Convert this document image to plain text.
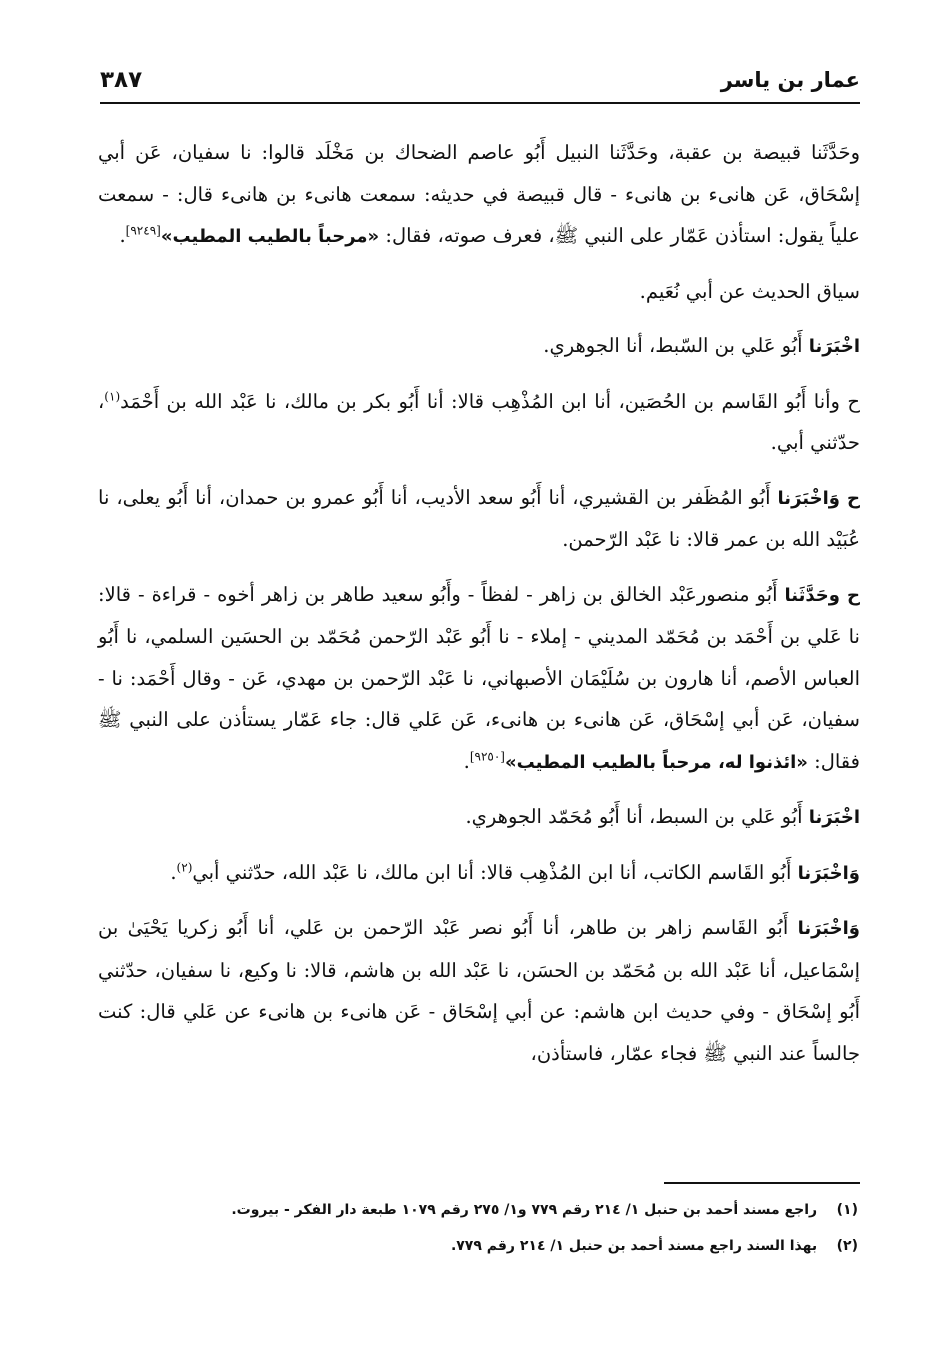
عمار بن ياسر
٣٨٧

وحَدَّثَنا قبيصة بن عقبة، وحَدَّثَنا النبيل أَبُو عاصم الضحاك بن مَخْلَد قالوا: نا سفيان، عَن أبي إسْحَاق، عَن هانىء بن هانىء - قال قبيصة في حديثه: سمعت هانىء بن هانىء قال: - سمعت علياً يقول: استأذن عَمّار على النبي ﷺ، فعرف صوته، فقال: «مرحباً بالطيب المطيب»[٩٢٤٩].

سياق الحديث عن أبي نُعَيم.

اخْبَرَنا أَبُو عَلي بن السّبط، أنا الجوهري.

ح وأنا أَبُو القَاسم بن الحُصَين، أنا ابن المُذْهِب قالا: أنا أَبُو بكر بن مالك، نا عَبْد الله بن أَحْمَد$^{(١)}$، حدّثني أبي.

ح وَاخْبَرَنا أَبُو المُظَفر بن القشيري، أنا أَبُو سعد الأديب، أنا أَبُو عمرو بن حمدان، أنا أَبُو يعلى، نا عُبَيْد الله بن عمر قالا: نا عَبْد الرّحمن.

ح وحَدَّثَنا أَبُو منصورعَبْد الخالق بن زاهر - لفظاً - وأَبُو سعيد طاهر بن زاهر أخوه - قراءة - قالا: نا عَلي بن أَحْمَد بن مُحَمّد المديني - إملاء - نا أَبُو عَبْد الرّحمن مُحَمّد بن الحسَين السلمي، نا أَبُو العباس الأصم، أنا هارون بن سُلَيْمَان الأصبهاني، نا عَبْد الرّحمن بن مهدي، عَن - وقال أَحْمَد: نا - سفيان، عَن أبي إسْحَاق، عَن هانىء بن هانىء، عَن عَلي قال: جاء عَمّار يستأذن على النبي ﷺ فقال: «ائذنوا له، مرحباً بالطيب المطيب»[٩٢٥٠].

اخْبَرَنا أَبُو عَلي بن السبط، أنا أَبُو مُحَمّد الجوهري.

وَاخْبَرَنا أَبُو القَاسم الكاتب، أنا ابن المُذْهِب قالا: أنا ابن مالك، نا عَبْد الله، حدّثني أبي$^{(٢)}$.

وَاخْبَرَنا أَبُو القَاسم زاهر بن طاهر، أنا أَبُو نصر عَبْد الرّحمن بن عَلي، أنا أَبُو زكريا يَحْيَىٰ بن إسْمَاعيل، أنا عَبْد الله بن مُحَمّد بن الحسَن، نا عَبْد الله بن هاشم، قالا: نا وكيع، نا سفيان، حدّثني أَبُو إسْحَاق - وفي حديث ابن هاشم: عن أبي إسْحَاق - عَن هانىء بن هانىء عن عَلي قال: كنت جالساً عند النبي ﷺ فجاء عمّار، فاستأذن،

(١) راجع مسند أحمد بن حنبل ١/ ٢١٤ رقم ٧٧٩ و١/ ٢٧٥ رقم ١٠٧٩ طبعة دار الفكر - بيروت.

(٢) بهذا السند راجع مسند أحمد بن حنبل ١/ ٢١٤ رقم ٧٧٩.
